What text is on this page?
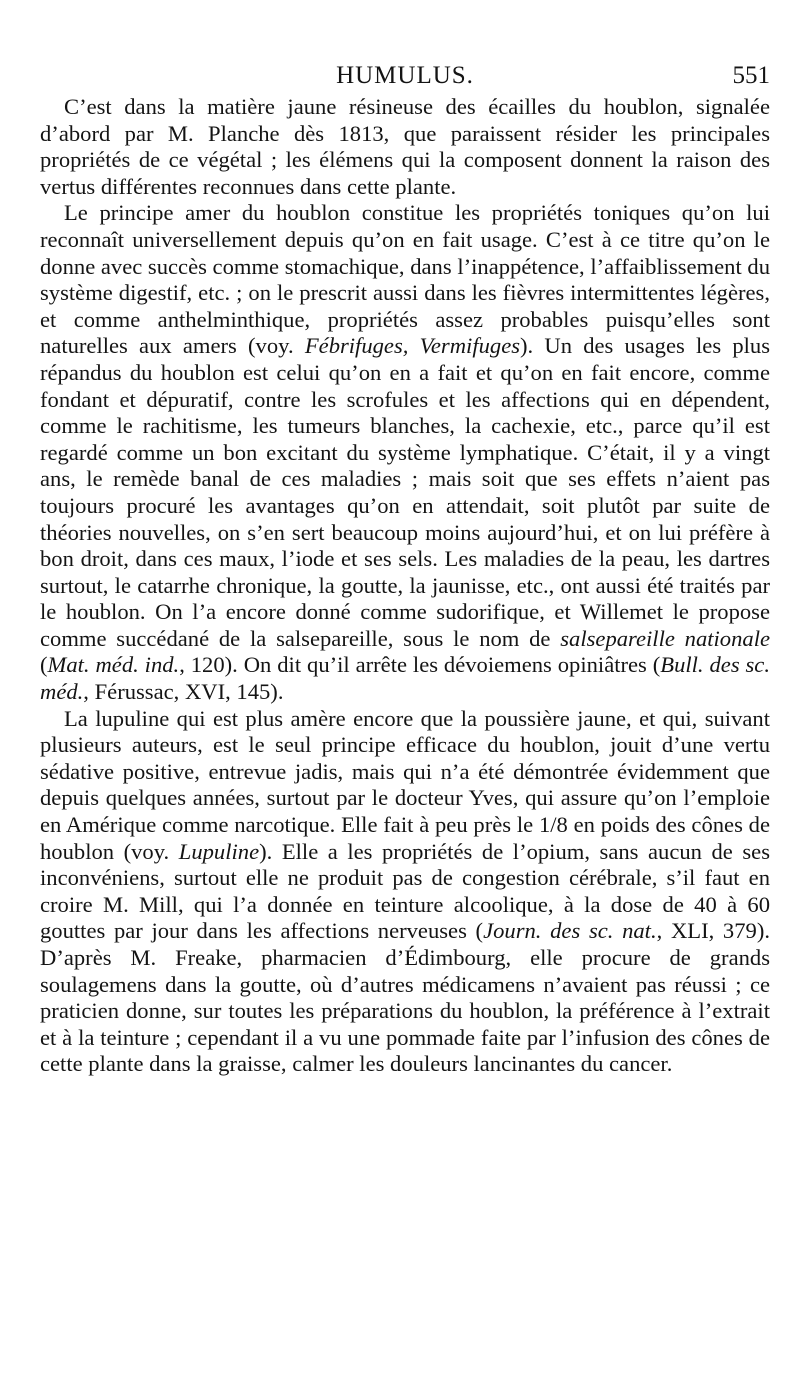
HUMULUS.	551

C’est dans la matière jaune résineuse des écailles du houblon, signalée d’abord par M. Planche dès 1813, que paraissent résider les principales propriétés de ce végétal ; les élémens qui la composent donnent la raison des vertus différentes reconnues dans cette plante.

Le principe amer du houblon constitue les propriétés toniques qu’on lui reconnaît universellement depuis qu’on en fait usage. C’est à ce titre qu’on le donne avec succès comme stomachique, dans l’inappétence, l’affaiblissement du système digestif, etc. ; on le prescrit aussi dans les fièvres intermittentes légères, et comme anthelminthique, propriétés assez probables puisqu’elles sont naturelles aux amers (voy. Fébrifuges, Vermifuges). Un des usages les plus répandus du houblon est celui qu’on en a fait et qu’on en fait encore, comme fondant et dépuratif, contre les scrofules et les affections qui en dépendent, comme le rachitisme, les tumeurs blanches, la cachexie, etc., parce qu’il est regardé comme un bon excitant du système lymphatique. C’était, il y a vingt ans, le remède banal de ces maladies ; mais soit que ses effets n’aient pas toujours procuré les avantages qu’on en attendait, soit plutôt par suite de théories nouvelles, on s’en sert beaucoup moins aujourd’hui, et on lui préfère à bon droit, dans ces maux, l’iode et ses sels. Les maladies de la peau, les dartres surtout, le catarrhe chronique, la goutte, la jaunisse, etc., ont aussi été traités par le houblon. On l’a encore donné comme sudorifique, et Willemet le propose comme succédané de la salsepareille, sous le nom de salsepareille nationale (Mat. méd. ind., 120). On dit qu’il arrête les dévoiemens opiniâtres (Bull. des sc. méd., Férussac, XVI, 145).

La lupuline qui est plus amère encore que la poussière jaune, et qui, suivant plusieurs auteurs, est le seul principe efficace du houblon, jouit d’une vertu sédative positive, entrevue jadis, mais qui n’a été démontrée évidemment que depuis quelques années, surtout par le docteur Yves, qui assure qu’on l’emploie en Amérique comme narcotique. Elle fait à peu près le 1/8 en poids des cônes de houblon (voy. Lupuline). Elle a les propriétés de l’opium, sans aucun de ses inconvéniens, surtout elle ne produit pas de congestion cérébrale, s’il faut en croire M. Mill, qui l’a donnée en teinture alcoolique, à la dose de 40 à 60 gouttes par jour dans les affections nerveuses (Journ. des sc. nat., XLI, 379). D’après M. Freake, pharmacien d’Édimbourg, elle procure de grands soulagemens dans la goutte, où d’autres médicamens n’avaient pas réussi ; ce praticien donne, sur toutes les préparations du houblon, la préférence à l’extrait et à la teinture ; cependant il a vu une pommade faite par l’infusion des cônes de cette plante dans la graisse, calmer les douleurs lancinantes du cancer.
